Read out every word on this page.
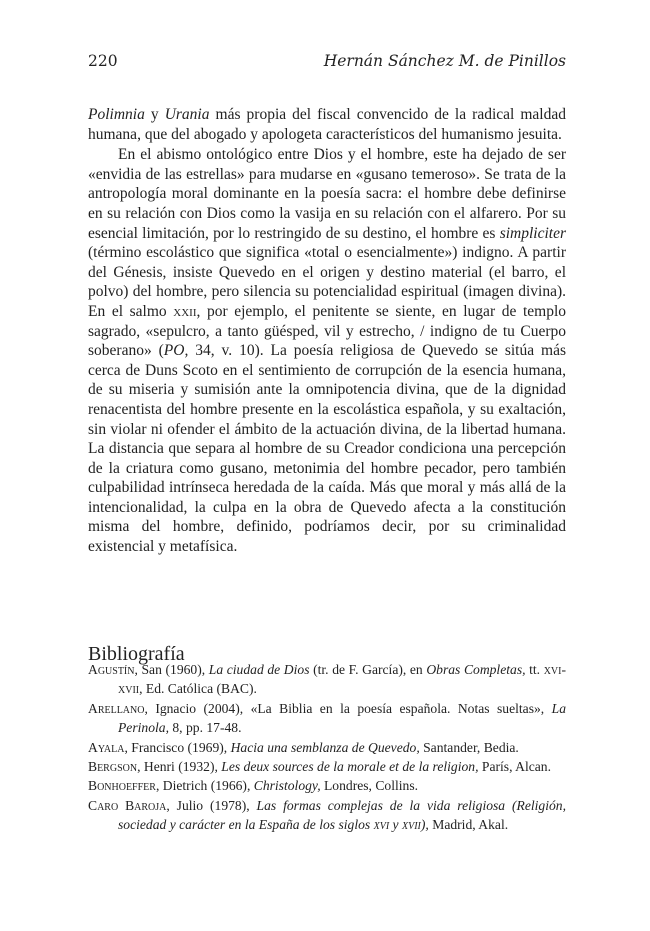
220	Hernán Sánchez M. de Pinillos

Polimnia y Urania más propia del fiscal convencido de la radical maldad humana, que del abogado y apologeta característicos del humanismo jesuita.

En el abismo ontológico entre Dios y el hombre, este ha dejado de ser «envidia de las estrellas» para mudarse en «gusano temeroso». Se trata de la antropología moral dominante en la poesía sacra: el hombre debe definirse en su relación con Dios como la vasija en su relación con el alfarero. Por su esencial limitación, por lo restringido de su destino, el hombre es simpliciter (término escolástico que significa «total o esencialmente») indigno. A partir del Génesis, insiste Quevedo en el origen y destino material (el barro, el polvo) del hombre, pero silencia su potencialidad espiritual (imagen divina). En el salmo xxii, por ejemplo, el penitente se siente, en lugar de templo sagrado, «sepulcro, a tanto güésped, vil y estrecho, / indigno de tu Cuerpo soberano» (PO, 34, v. 10). La poesía religiosa de Quevedo se sitúa más cerca de Duns Scoto en el sentimiento de corrupción de la esencia humana, de su miseria y sumisión ante la omnipotencia divina, que de la dignidad renacentista del hombre presente en la escolástica española, y su exaltación, sin violar ni ofender el ámbito de la actuación divina, de la libertad humana. La distancia que separa al hombre de su Creador condiciona una percepción de la criatura como gusano, metonimia del hombre pecador, pero también culpabilidad intrínseca heredada de la caída. Más que moral y más allá de la intencionalidad, la culpa en la obra de Quevedo afecta a la constitución misma del hombre, definido, podríamos decir, por su criminalidad existencial y metafísica.

Bibliografía
Agustín, San (1960), La ciudad de Dios (tr. de F. García), en Obras Completas, tt. xvi-xvii, Ed. Católica (BAC).
Arellano, Ignacio (2004), «La Biblia en la poesía española. Notas sueltas», La Perinola, 8, pp. 17-48.
Ayala, Francisco (1969), Hacia una semblanza de Quevedo, Santander, Bedia.
Bergson, Henri (1932), Les deux sources de la morale et de la religion, París, Alcan.
Bonhoeffer, Dietrich (1966), Christology, Londres, Collins.
Caro Baroja, Julio (1978), Las formas complejas de la vida religiosa (Religión, sociedad y carácter en la España de los siglos xvi y xvii), Madrid, Akal.
